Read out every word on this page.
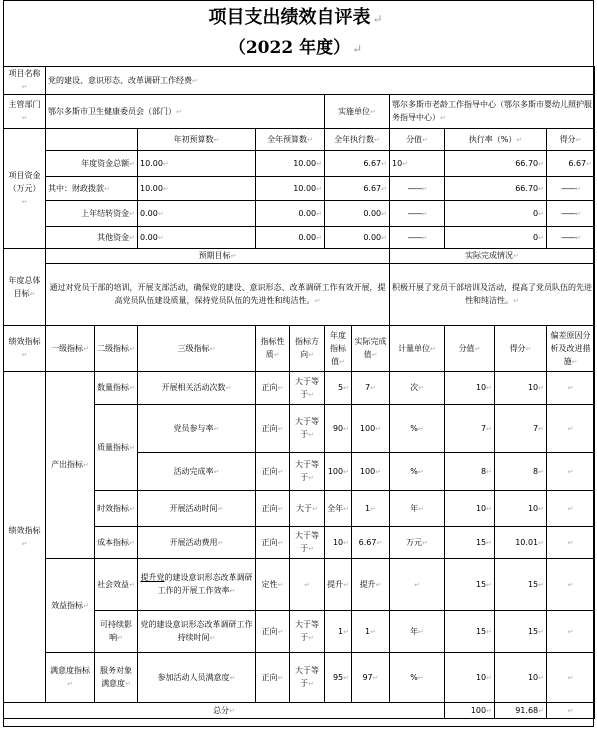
项目支出绩效自评表 ↵
（2022 年度） ↵
项目名称 ↵	党的建设、意识形态、改革调研工作经费 ↵
主管部门 ↵	鄂尔多斯市卫生健康委员会（部门） ↵					实施单位 ↵		鄂尔多斯市老龄工作指导中心（鄂尔多斯市婴幼儿照护服务指导中心） ↵
项目资金（万元） ↵			年初预算数 ↵	全年预算数 ↵		全年执行数 ↵		分值 ↵	执行率（%） ↵		得分 ↵
	年度资金总额 ↵		10.00 ↵	10.00 ↵		6.67 ↵		10 ↵	66.70 ↵		6.67 ↵
	其中：财政拨款 ↵		10.00 ↵	10.00 ↵		6.67 ↵		—— ↵	66.70 ↵		—— ↵
	上年结转资金 ↵		0.00 ↵	0.00 ↵		0.00 ↵		—— ↵	0 ↵		—— ↵
	其他资金 ↵		0.00 ↵	0.00 ↵		0.00 ↵		—— ↵	0 ↵		—— ↵
年度总体目标 ↵	预期目标 ↵							实际完成情况 ↵
	通过对党员干部的培训，开展支部活动，确保党的建设、意识形态、改革调研工作有效开展，提高党员队伍建设质量，保持党员队伍的先进性和纯洁性。 ↵							积极开展了党员干部培训及活动，提高了党员队伍的先进性和纯洁性。 ↵
绩效指标 ↵	一级指标 ↵	二级指标 ↵	三级指标 ↵	指标性质 ↵	指标方向 ↵	年度指标值 ↵	实际完成值 ↵	计量单位 ↵	分值 ↵	得分 ↵	偏差原因分析及改进措施 ↵
绩效指标 ↵	产出指标 ↵	数量指标 ↵	开展相关活动次数 ↵	正向 ↵	大于等于 ↵	5 ↵	7 ↵	次 ↵	10 ↵	10 ↵	↵
		质量指标 ↵	党员参与率 ↵	正向 ↵	大于等于 ↵	90 ↵	100 ↵	% ↵	7 ↵	7 ↵	↵
			活动完成率 ↵	正向 ↵	大于等于 ↵	100 ↵	100 ↵	% ↵	8 ↵	8 ↵	↵
		时效指标 ↵	开展活动时间 ↵	正向 ↵	大于 ↵	全年 ↵	1 ↵	年 ↵	10 ↵	10 ↵	↵
		成本指标 ↵	开展活动费用 ↵	正向 ↵	大于等于 ↵	10 ↵	6.67 ↵	万元 ↵	15 ↵	10.01 ↵	↵
	效益指标 ↵	社会效益 ↵	提升党的建设意识形态改革调研工作的开展工作效率 ↵	定性 ↵	↵	提升 ↵	提升 ↵	↵	15 ↵	15 ↵	↵
		可持续影响 ↵	党的建设意识形态改革调研工作持续时间 ↵	正向 ↵	大于等于 ↵	1 ↵	1 ↵	年 ↵	15 ↵	15 ↵	↵
	满意度指标 ↵	服务对象满意度 ↵	参加活动人员满意度 ↵	正向 ↵	大于等于 ↵	95 ↵	97 ↵	% ↵	10 ↵	10 ↵	↵
总分 ↵									100 ↵	91.68 ↵	↵
